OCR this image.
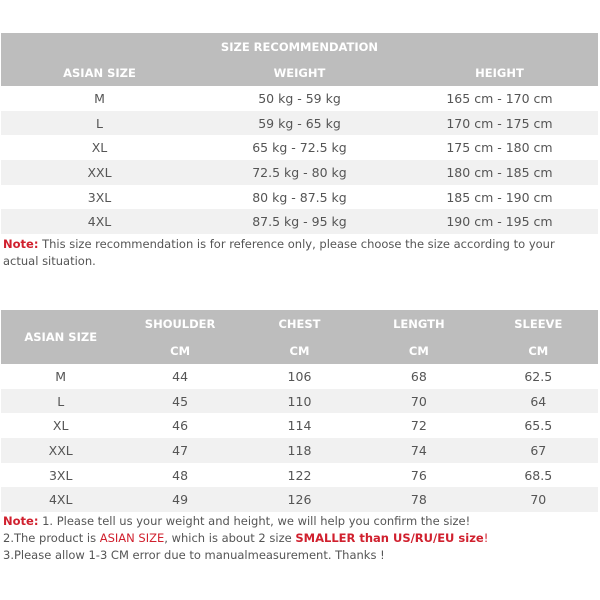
SIZE RECOMMENDATION		
ASIAN SIZE	WEIGHT	HEIGHT
M	50 kg - 59 kg	165 cm - 170 cm
L	59 kg - 65 kg	170 cm - 175 cm
XL	65 kg - 72.5 kg	175 cm - 180 cm
XXL	72.5 kg - 80 kg	180 cm - 185 cm
3XL	80 kg - 87.5 kg	185 cm - 190 cm
4XL	87.5 kg - 95 kg	190 cm - 195 cm
Note: This size recommendation is for reference only, please choose the size according to your actual situation.
ASIAN SIZE	SHOULDER	CHEST	LENGTH	SLEEVE
	CM	CM	CM	CM
M	44	106	68	62.5
L	45	110	70	64
XL	46	114	72	65.5
XXL	47	118	74	67
3XL	48	122	76	68.5
4XL	49	126	78	70
Note: 1. Please tell us your weight and height, we will help you confirm the size!
2.The product is ASIAN SIZE, which is about 2 size SMALLER than US/RU/EU size!
3.Please allow 1-3 CM error due to manualmeasurement. Thanks !
